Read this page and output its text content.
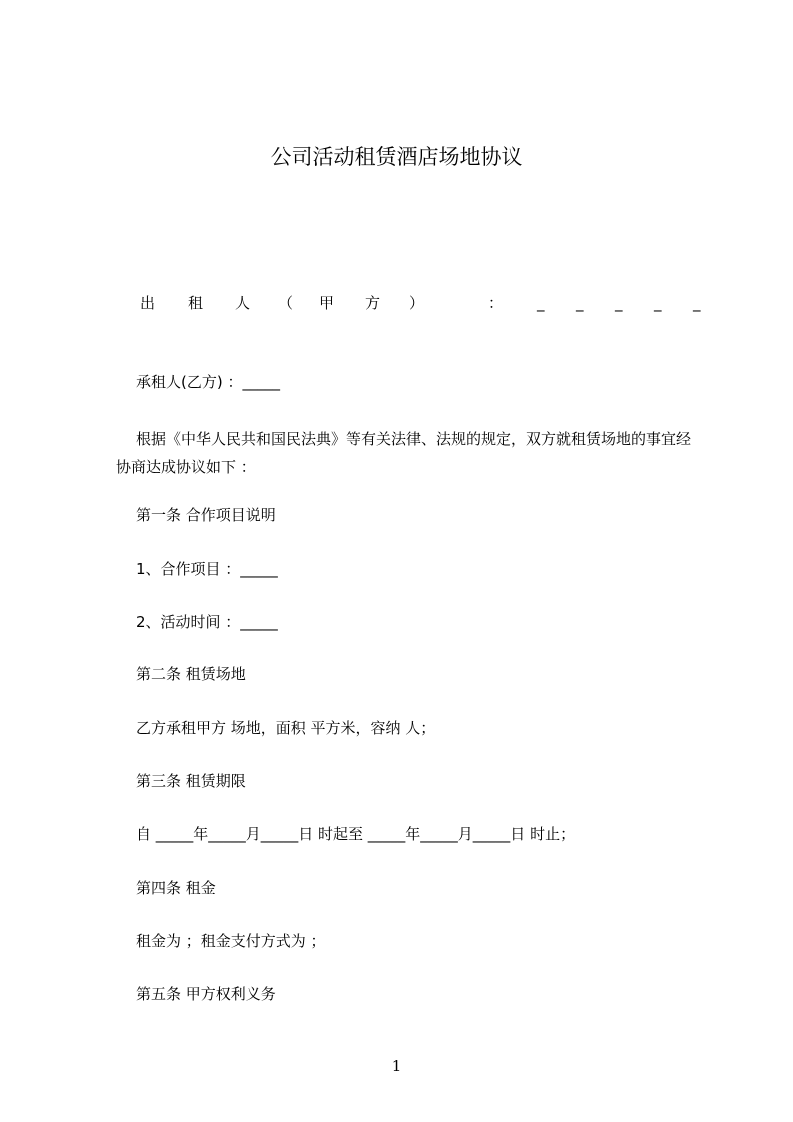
公司活动租赁酒店场地协议
出 租 人 （ 甲 方 ）	： _ _ _ _ _
承租人(乙方) ：_____
根据《中华人民共和国民法典》等有关法律、法规的规定，双方就租赁场地的事宜经协商达成协议如下 ：
第一条 合作项目说明
1、合作项目 ：_____
2、活动时间 ：_____
第二条 租赁场地
乙方承租甲方 场地，面积 平方米，容纳 人；
第三条 租赁期限
自 _____年_____月_____日 时起至 _____年_____月_____日 时止；
第四条 租金
租金为 ；租金支付方式为 ；
第五条 甲方权利义务
1
